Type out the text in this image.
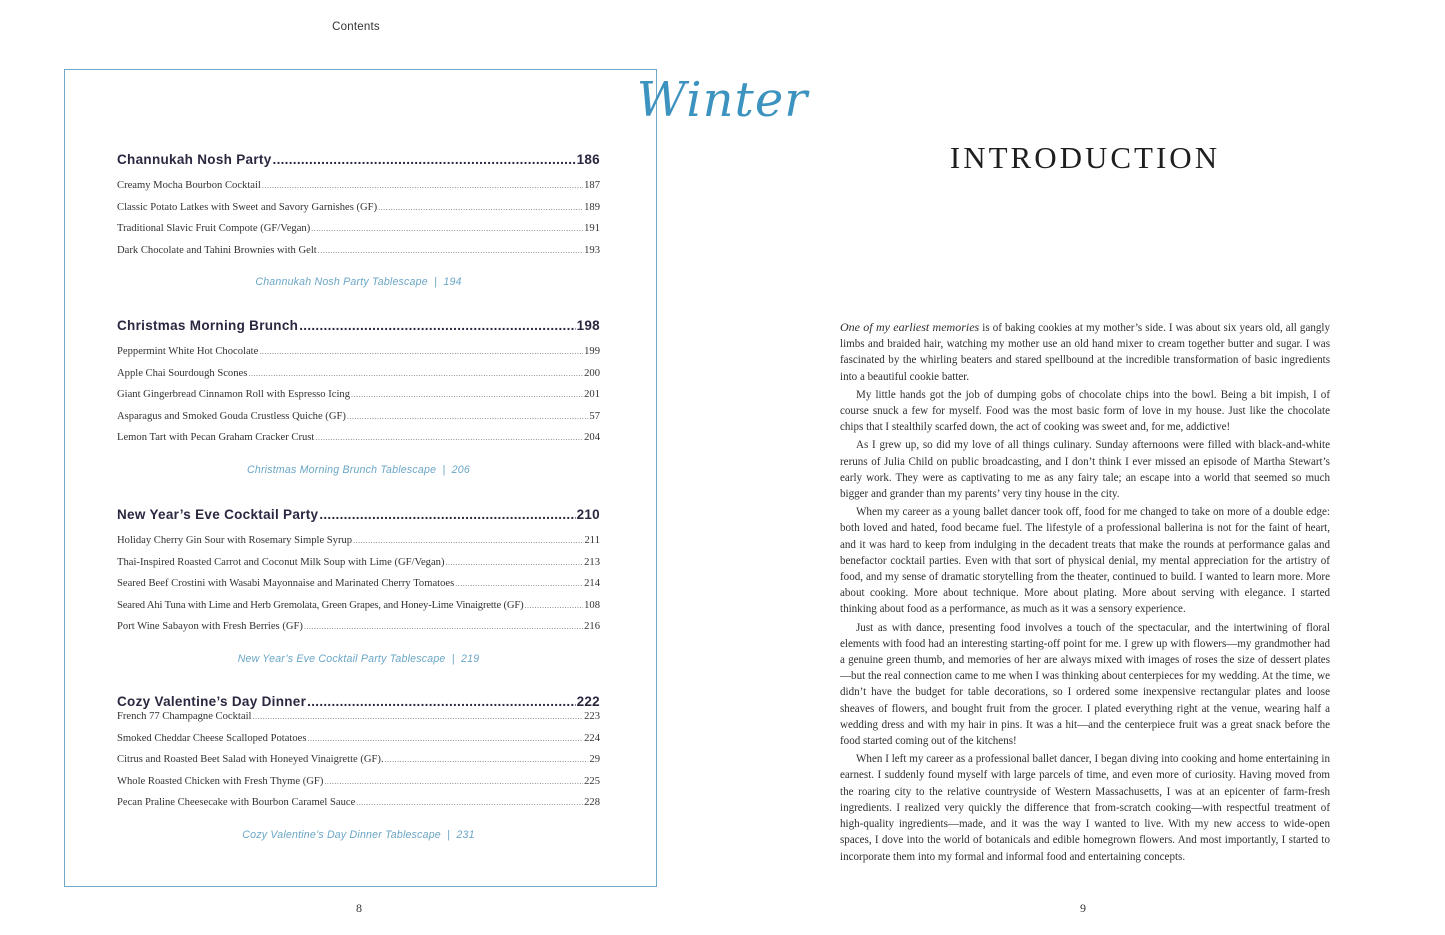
Contents
Winter
Channukah Nosh Party .....	186
Creamy Mocha Bourbon Cocktail .....	187
Classic Potato Latkes with Sweet and Savory Garnishes (GF) .....	189
Traditional Slavic Fruit Compote (GF/Vegan) .....	191
Dark Chocolate and Tahini Brownies with Gelt .....	193
Channukah Nosh Party Tablescape  |  194
Christmas Morning Brunch .....	198
Peppermint White Hot Chocolate .....	199
Apple Chai Sourdough Scones .....	200
Giant Gingerbread Cinnamon Roll with Espresso Icing .....	201
Asparagus and Smoked Gouda Crustless Quiche (GF) .....	57
Lemon Tart with Pecan Graham Cracker Crust .....	204
Christmas Morning Brunch Tablescape  |  206
New Year’s Eve Cocktail Party .....	210
Holiday Cherry Gin Sour with Rosemary Simple Syrup .....	211
Thai-Inspired Roasted Carrot and Coconut Milk Soup with Lime (GF/Vegan) .....	213
Seared Beef Crostini with Wasabi Mayonnaise and Marinated Cherry Tomatoes .....	214
Seared Ahi Tuna with Lime and Herb Gremolata, Green Grapes, and Honey-Lime Vinaigrette (GF) .....	108
Port Wine Sabayon with Fresh Berries (GF) .....	216
New Year’s Eve Cocktail Party Tablescape  |  219
Cozy Valentine’s Day Dinner .....	222
French 77 Champagne Cocktail .....	223
Smoked Cheddar Cheese Scalloped Potatoes .....	224
Citrus and Roasted Beet Salad with Honeyed Vinaigrette (GF). .....	29
Whole Roasted Chicken with Fresh Thyme (GF) .....	225
Pecan Praline Cheesecake with Bourbon Caramel Sauce .....	228
Cozy Valentine’s Day Dinner Tablescape  |  231
8
INTRODUCTION

One of my earliest memories is of baking cookies at my mother’s side. I was about six years old, all gangly limbs and braided hair, watching my mother use an old hand mixer to cream together butter and sugar. I was fascinated by the whirling beaters and stared spellbound at the incredible transformation of basic ingredients into a beautiful cookie batter.

My little hands got the job of dumping gobs of chocolate chips into the bowl. Being a bit impish, I of course snuck a few for myself. Food was the most basic form of love in my house. Just like the chocolate chips that I stealthily scarfed down, the act of cooking was sweet and, for me, addictive!

As I grew up, so did my love of all things culinary. Sunday afternoons were filled with black-and-white reruns of Julia Child on public broadcasting, and I don’t think I ever missed an episode of Martha Stewart’s early work. They were as captivating to me as any fairy tale; an escape into a world that seemed so much bigger and grander than my parents’ very tiny house in the city.

When my career as a young ballet dancer took off, food for me changed to take on more of a double edge: both loved and hated, food became fuel. The lifestyle of a professional ballerina is not for the faint of heart, and it was hard to keep from indulging in the decadent treats that make the rounds at performance galas and benefactor cocktail parties. Even with that sort of physical denial, my mental appreciation for the artistry of food, and my sense of dramatic storytelling from the theater, continued to build. I wanted to learn more. More about cooking. More about technique. More about plating. More about serving with elegance. I started thinking about food as a performance, as much as it was a sensory experience.

Just as with dance, presenting food involves a touch of the spectacular, and the intertwining of floral elements with food had an interesting starting-off point for me. I grew up with flowers—my grandmother had a genuine green thumb, and memories of her are always mixed with images of roses the size of dessert plates—but the real connection came to me when I was thinking about centerpieces for my wedding. At the time, we didn’t have the budget for table decorations, so I ordered some inexpensive rectangular plates and loose sheaves of flowers, and bought fruit from the grocer. I plated everything right at the venue, wearing half a wedding dress and with my hair in pins. It was a hit—and the centerpiece fruit was a great snack before the food started coming out of the kitchens!

When I left my career as a professional ballet dancer, I began diving into cooking and home entertaining in earnest. I suddenly found myself with large parcels of time, and even more of curiosity. Having moved from the roaring city to the relative countryside of Western Massachusetts, I was at an epicenter of farm-fresh ingredients. I realized very quickly the difference that from-scratch cooking—with respectful treatment of high-quality ingredients—made, and it was the way I wanted to live. With my new access to wide-open spaces, I dove into the world of botanicals and edible homegrown flowers. And most importantly, I started to incorporate them into my formal and informal food and entertaining concepts.

9
